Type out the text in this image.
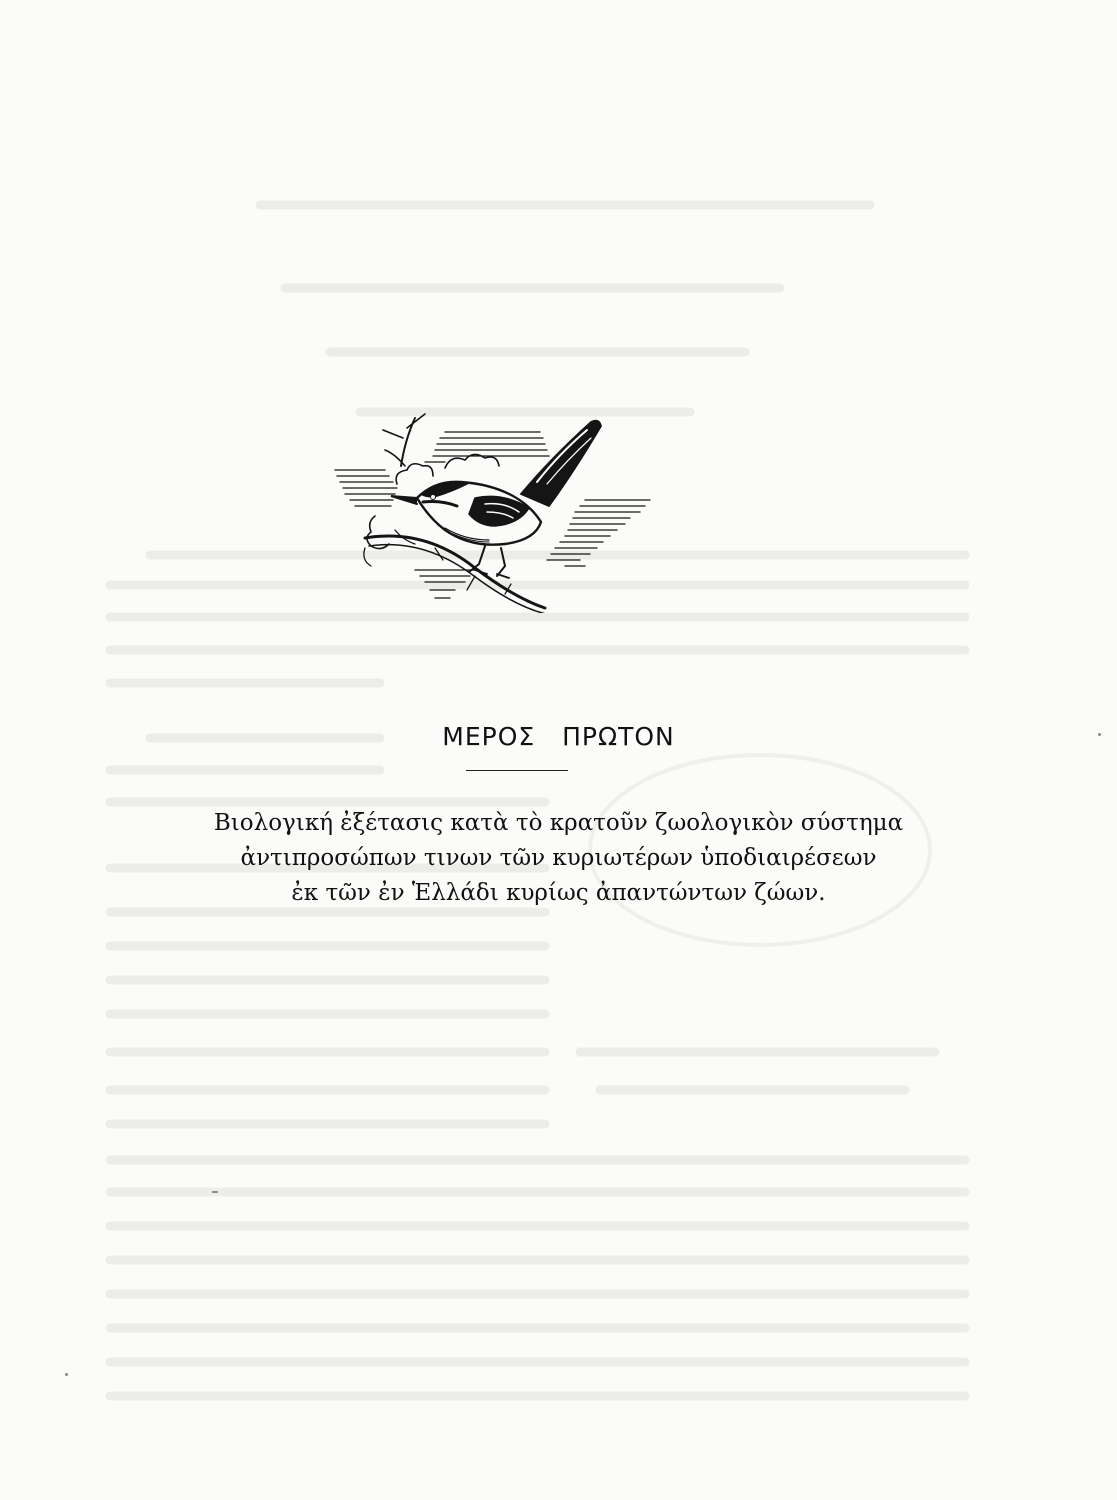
ΜΕΡΟΣ ΠΡΩΤΟΝ
Βιολογική ἐξέτασις κατὰ τὸ κρατοῦν ζωολογικὸν σύστημα
ἀντιπροσώπων τινων τῶν κυριωτέρων ὑποδιαιρέσεων
ἐκ τῶν ἐν Ἑλλάδι κυρίως ἀπαντώντων ζώων.
